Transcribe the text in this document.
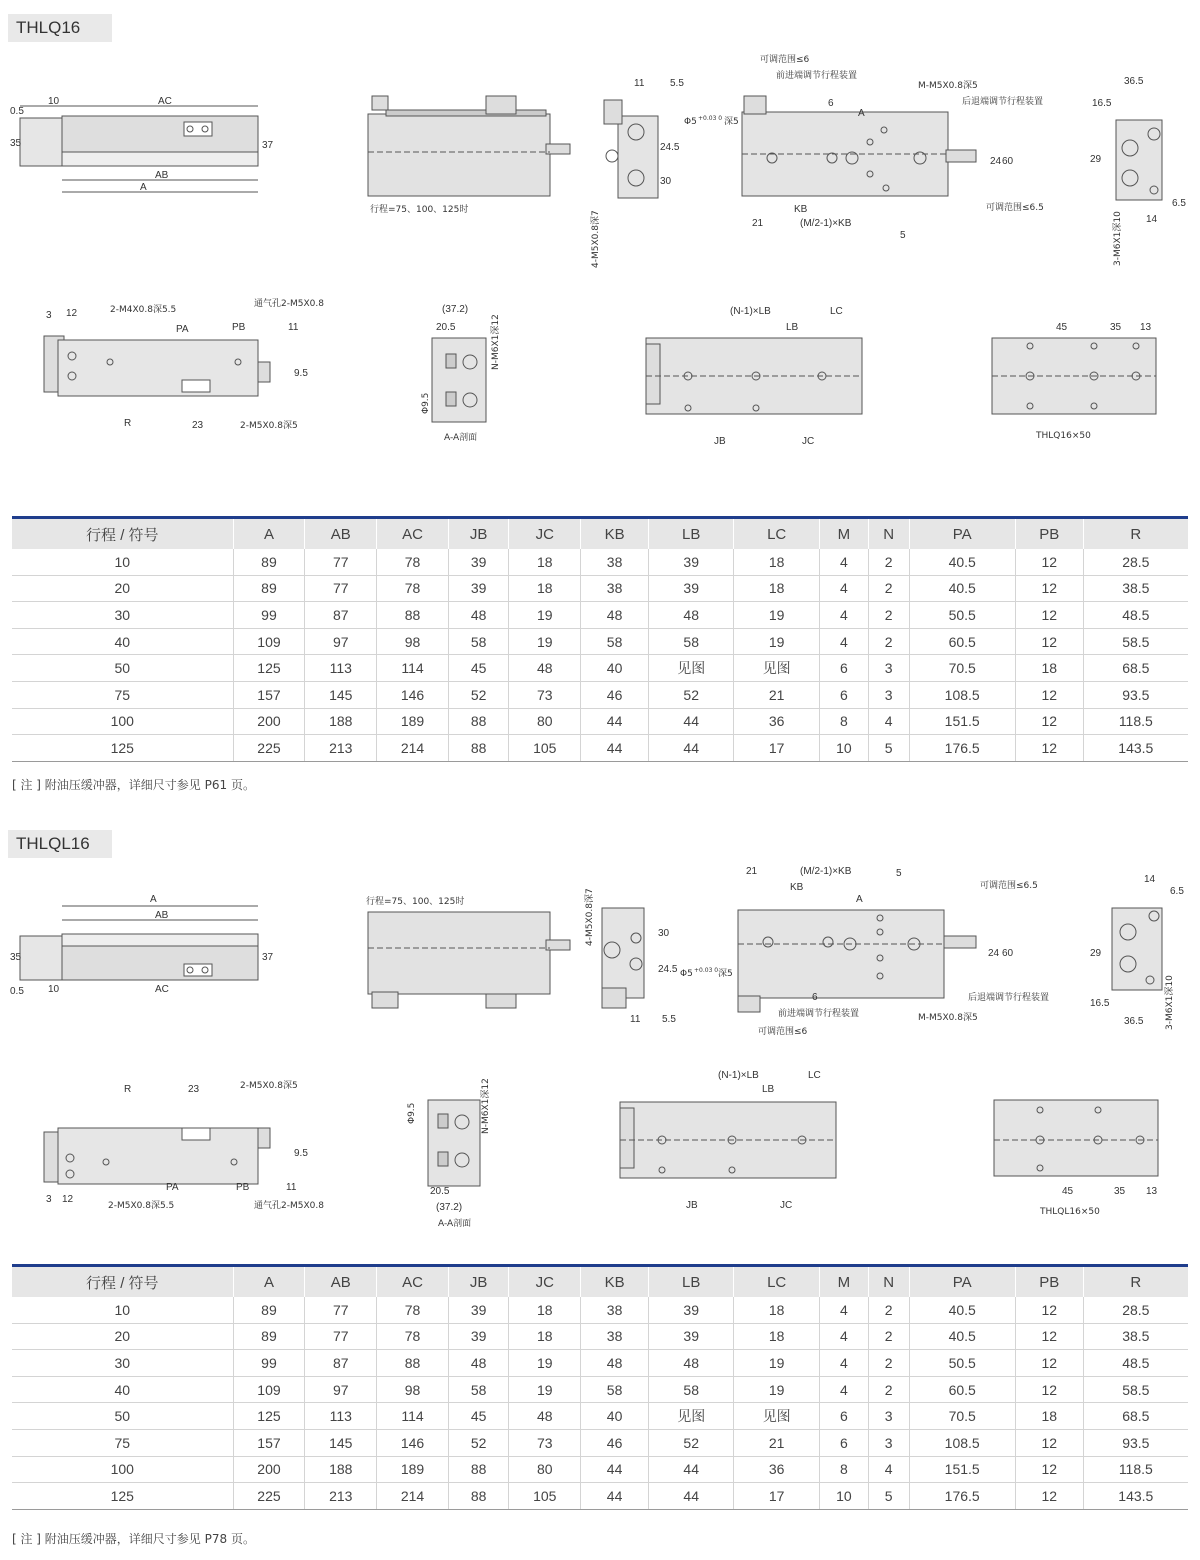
THLQ16
AC
AB
A
10
0.5
35	37
行程=75、100、125时
11	5.5
24.5
30
Φ5 +0.03 0 深5
4-M5X0.8深7
可调范围≤6
前进端调节行程装置
M-M5X0.8深5
后退端调节行程装置
6
A
KB
(M/2-1)×KB
21
24 60
可调范围≤6.5
5
36.5
16.5
29
14
6.5
3-M6X1深10
3 12	2-M4X0.8深5.5
通气孔2-M5X0.8
PA	PB	11
9.5
R	23	2-M5X0.8深5
(37.2)
20.5	N-M6X1深12
Φ9.5
A-A剖面
(N-1)×LB
LB
LC
JB	JC
45	35 13
THLQ16×50
行程 / 符号	A	AB	AC	JB	JC	KB	LB	LC	M	N	PA	PB	R
10	89	77	78	39	18	38	39	18	4	2	40.5	12	28.5
20	89	77	78	39	18	38	39	18	4	2	40.5	12	38.5
30	99	87	88	48	19	48	48	19	4	2	50.5	12	48.5
40	109	97	98	58	19	58	58	19	4	2	60.5	12	58.5
50	125	113	114	45	48	40	见图	见图	6	3	70.5	18	68.5
75	157	145	146	52	73	46	52	21	6	3	108.5	12	93.5
100	200	188	189	88	80	44	44	36	8	4	151.5	12	118.5
125	225	213	214	88	105	44	44	17	10	5	176.5	12	143.5
[ 注 ] 附油压缓冲器，详细尺寸参见 P61 页。
THLQL16
A
AB
AC
10
0.5
35	37
行程=75、100、125时	4-M5X0.8深7	30
24.5 Φ5 +0.03 0 深5
11 5.5
21	(M/2-1)×KB
KB
A
5
可调范围≤6.5
24 60
6	后退端调节行程装置
前进端调节行程装置	M-M5X0.8深5
可调范围≤6
14
6.5
29
16.5
36.5 3-M6X1深10
R	23	2-M5X0.8深5
PA	PB	11
9.5
3 12
2-M5X0.8深5.5	通气孔2-M5X0.8
Φ9.5	N-M6X1深12
20.5
(37.2)
A-A剖面
(N-1)×LB
LB
LC
JB	JC
45	35 13
THLQL16×50
行程 / 符号	A	AB	AC	JB	JC	KB	LB	LC	M	N	PA	PB	R
10	89	77	78	39	18	38	39	18	4	2	40.5	12	28.5
20	89	77	78	39	18	38	39	18	4	2	40.5	12	38.5
30	99	87	88	48	19	48	48	19	4	2	50.5	12	48.5
40	109	97	98	58	19	58	58	19	4	2	60.5	12	58.5
50	125	113	114	45	48	40	见图	见图	6	3	70.5	18	68.5
75	157	145	146	52	73	46	52	21	6	3	108.5	12	93.5
100	200	188	189	88	80	44	44	36	8	4	151.5	12	118.5
125	225	213	214	88	105	44	44	17	10	5	176.5	12	143.5
[ 注 ] 附油压缓冲器，详细尺寸参见 P78 页。
